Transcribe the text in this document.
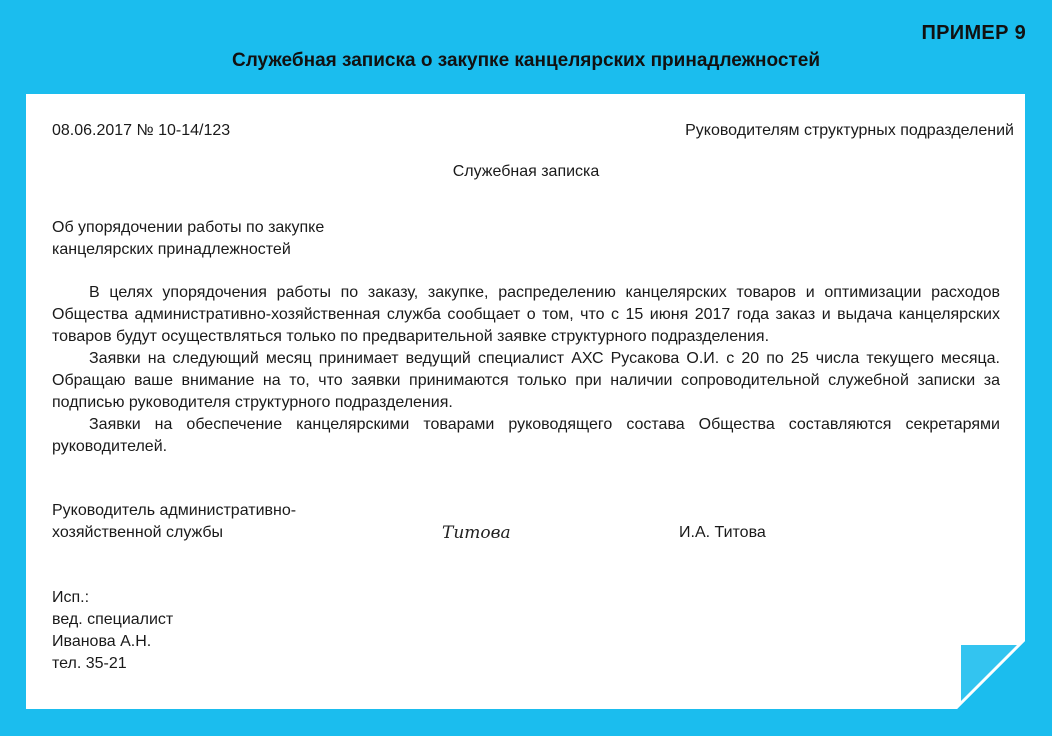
ПРИМЕР 9
Служебная записка о закупке канцелярских принадлежностей
08.06.2017 № 10-14/123	Руководителям структурных подразделений
Служебная записка
Об упорядочении работы по закупке
канцелярских принадлежностей

В целях упорядочения работы по заказу, закупке, распределению канцелярских товаров и оптимизации расходов Общества административно-хозяйственная служба сообщает о том, что с 15 июня 2017 года заказ и выдача канцелярских товаров будут осуществляться только по предварительной заявке структурного подразделения.

Заявки на следующий месяц принимает ведущий специалист АХС Русакова О.И. с 20 по 25 числа текущего месяца. Обращаю ваше внимание на то, что заявки принимаются только при наличии сопроводительной служебной записки за подписью руководителя структурного подразделения.

Заявки на обеспечение канцелярскими товарами руководящего состава Общества составляются секретарями руководителей.

Руководитель административно-
хозяйственной службы	Титова	И.А. Титова
Исп.:
вед. специалист
Иванова А.Н.
тел. 35-21
